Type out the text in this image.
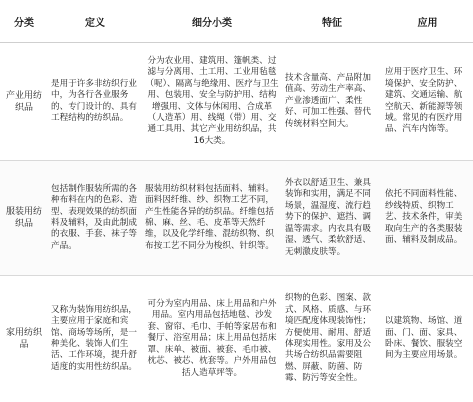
分类	定义	细分小类	特征	应用
产业用纺织品	是用于许多非纺织行业中，为各行各业服务的、专门设计的、具有工程结构的纺织品。	分为农业用、建筑用、篷帆类、过滤与分离用、土工用、工业用毡毯（呢）、隔离与绝缘用、医疗与卫生用、包装用、安全与防护用、结构增强用、文体与休闲用、合成革（人造革）用、线绳（带）用、交通工具用、其它产业用纺织品，共16大类。	技术含量高、产品附加值高、劳动生产率高、产业渗透面广、柔性好、可加工性强、替代传统材料空间大。	应用于医疗卫生、环境保护、安全防护、建筑、交通运输、航空航天、新能源等领域。常见的有医疗用品、汽车内饰等。
服装用纺织品	包括制作服装所需的各种布料在内的色彩、造型、表现效果的纺织面料及辅料，及由此制成的衣服、手套、袜子等产品。	服装用纺织材料包括面料、辅料。面料因纤维、纱、织物工艺不同，产生性能各异的纺织品。纤维包括棉、麻、丝、毛、皮革等天然纤维，以及化学纤维、混纺织物、织布按工艺不同分为梭织、针织等。	外衣以舒适卫生、兼具装饰和实用，满足不同场景，温湿度、流行趋势下的保护、遮挡、调温等需求。内衣具有吸湿、透气、柔软舒适、无刺激皮肤等。	依托不同面料性能、纱线特质、织物工艺、技术条件，审美取向生产的各类服装面、辅料及制成品。
家用纺织品	又称为装饰用纺织品，主要应用于家庭和宾馆、商场等场所，是一种美化、装饰人们生活、工作环境，提升舒适度的实用性纺织品。	可分为室内用品、床上用品和户外用品。室内用品包括地毯、沙发套、窗帘、毛巾、手帕等家居布和餐厅、浴室用品；床上用品包括床罩、床单、被面、被套、毛巾被、枕芯、被芯、枕套等。户外用品包括人造草坪等。	织物的色彩、图案、款式、风格、质感、与环境匹配度体现装饰性；方便使用、耐用、舒适体现实用性。家用及公共场合纺织品需要阻燃、屏蔽、防菌、防霉、防污等安全性。	以建筑物、场馆、道面、门、面、家具、卧床、餐饮、服装空间为主要应用场景。
